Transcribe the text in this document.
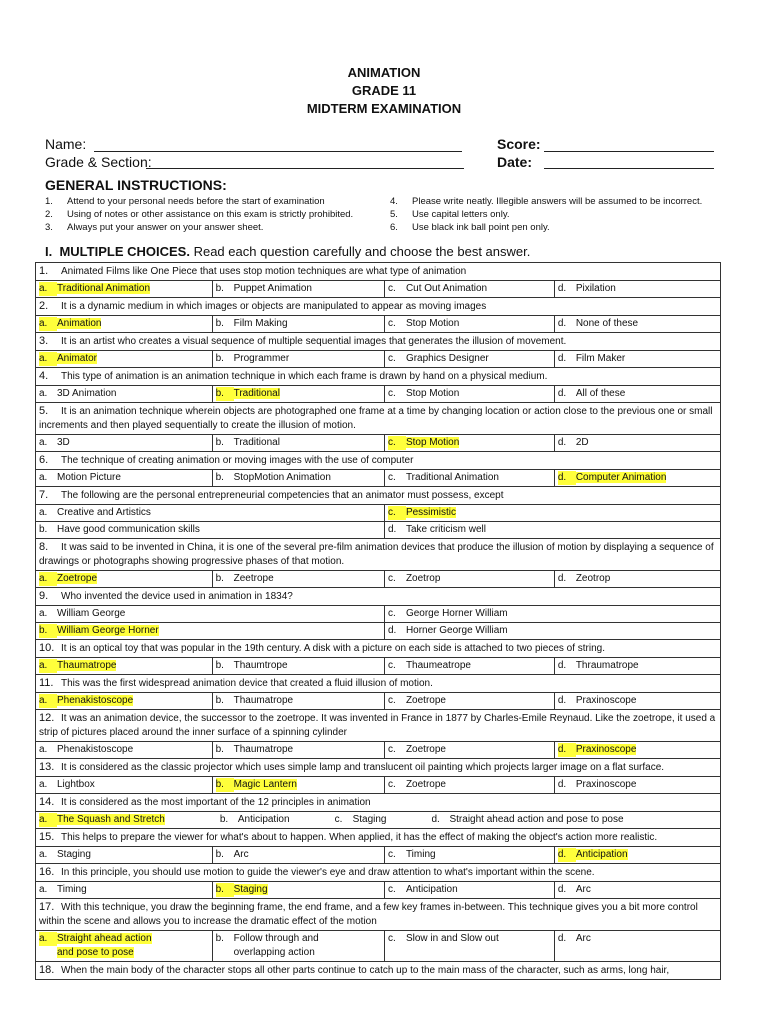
ANIMATION
GRADE 11
MIDTERM EXAMINATION
Name:
Grade & Section:
Score:
Date:
GENERAL INSTRUCTIONS:
1. Attend to your personal needs before the start of examination
2. Using of notes or other assistance on this exam is strictly prohibited.
3. Always put your answer on your answer sheet.
4. Please write neatly. Illegible answers will be assumed to be incorrect.
5. Use capital letters only.
6. Use black ink ball point pen only.
I. MULTIPLE CHOICES. Read each question carefully and choose the best answer.
1. Animated Films like One Piece that uses stop motion techniques are what type of animation			
a. Traditional Animation	b. Puppet Animation	c. Cut Out Animation	d. Pixilation
2. It is a dynamic medium in which images or objects are manipulated to appear as moving images			
a. Animation	b. Film Making	c. Stop Motion	d. None of these
3. It is an artist who creates a visual sequence of multiple sequential images that generates the illusion of movement.			
a. Animator	b. Programmer	c. Graphics Designer	d. Film Maker
4. This type of animation is an animation technique in which each frame is drawn by hand on a physical medium.			
a. 3D Animation	b. Traditional	c. Stop Motion	d. All of these
5. It is an animation technique wherein objects are photographed one frame at a time by changing location or action close to the previous one or small increments and then played sequentially to create the illusion of motion.			
a. 3D	b. Traditional	c. Stop Motion	d. 2D
6. The technique of creating animation or moving images with the use of computer			
a. Motion Picture	b. StopMotion Animation	c. Traditional Animation	d. Computer Animation
7. The following are the personal entrepreneurial competencies that an animator must possess, except			
a. Creative and Artistics		c. Pessimistic	
b. Have good communication skills		d. Take criticism well	
8. It was said to be invented in China, it is one of the several pre-film animation devices that produce the illusion of motion by displaying a sequence of drawings or photographs showing progressive phases of that motion.			
a. Zoetrope	b. Zeetrope	c. Zoetrop	d. Zeotrop
9. Who invented the device used in animation in 1834?			
a. William George		c. George Horner William	
b. William George Horner		d. Horner George William	
10. It is an optical toy that was popular in the 19th century. A disk with a picture on each side is attached to two pieces of string.			
a. Thaumatrope	b. Thaumtrope	c. Thaumeatrope	d. Thraumatrope
11. This was the first widespread animation device that created a fluid illusion of motion.			
a. Phenakistoscope	b. Thaumatrope	c. Zoetrope	d. Praxinoscope
12. It was an animation device, the successor to the zoetrope. It was invented in France in 1877 by Charles-Emile Reynaud. Like the zoetrope, it used a strip of pictures placed around the inner surface of a spinning cylinder			
a. Phenakistoscope	b. Thaumatrope	c. Zoetrope	d. Praxinoscope
13. It is considered as the classic projector which uses simple lamp and translucent oil painting which projects larger image on a flat surface.			
a. Lightbox	b. Magic Lantern	c. Zoetrope	d. Praxinoscope
14. It is considered as the most important of the 12 principles in animation			
a. The Squash and Stretch b. Anticipation c. Staging d. Straight ahead action and pose to pose			
15. This helps to prepare the viewer for what's about to happen. When applied, it has the effect of making the object's action more realistic.			
a. Staging	b. Arc	c. Timing	d. Anticipation
16. In this principle, you should use motion to guide the viewer's eye and draw attention to what's important within the scene.			
a. Timing	b. Staging	c. Anticipation	d. Arc
17. With this technique, you draw the beginning frame, the end frame, and a few key frames in-between. This technique gives you a bit more control within the scene and allows you to increase the dramatic effect of the motion			
a. Straight ahead action
and pose to pose	b. Follow through and
overlapping action	c. Slow in and Slow out	d. Arc
18. When the main body of the character stops all other parts continue to catch up to the main mass of the character, such as arms, long hair,			
